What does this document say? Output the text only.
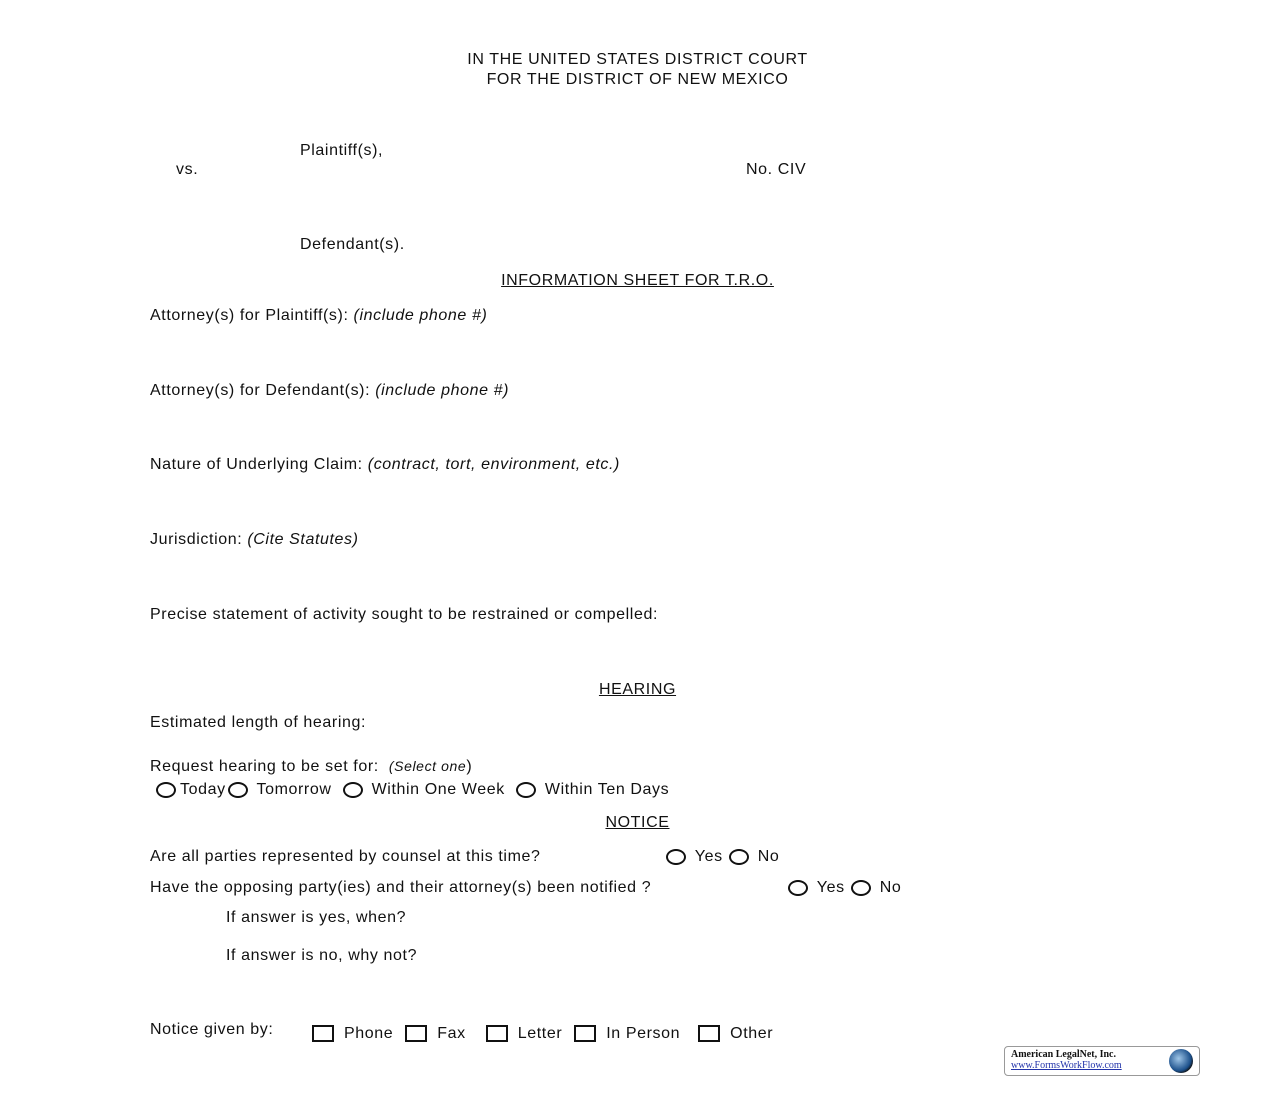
IN THE UNITED STATES DISTRICT COURT
FOR THE DISTRICT OF NEW MEXICO
Plaintiff(s),
vs.	No. CIV
Defendant(s).
INFORMATION SHEET FOR T.R.O.
Attorney(s) for Plaintiff(s): (include phone #)
Attorney(s) for Defendant(s): (include phone #)
Nature of Underlying Claim: (contract, tort, environment, etc.)
Jurisdiction: (Cite Statutes)
Precise statement of activity sought to be restrained or compelled:
HEARING
Estimated length of hearing:
Request hearing to be set for: (Select one)
Today Tomorrow	Within One Week	Within Ten Days
NOTICE
Are all parties represented by counsel at this time?	Yes No
Have the opposing party(ies) and their attorney(s) been notified ?	Yes No
If answer is yes, when?
If answer is no, why not?
Notice given by:	Phone	Fax	Letter	In Person	Other
American LegalNet, Inc.
www.FormsWorkFlow.com
